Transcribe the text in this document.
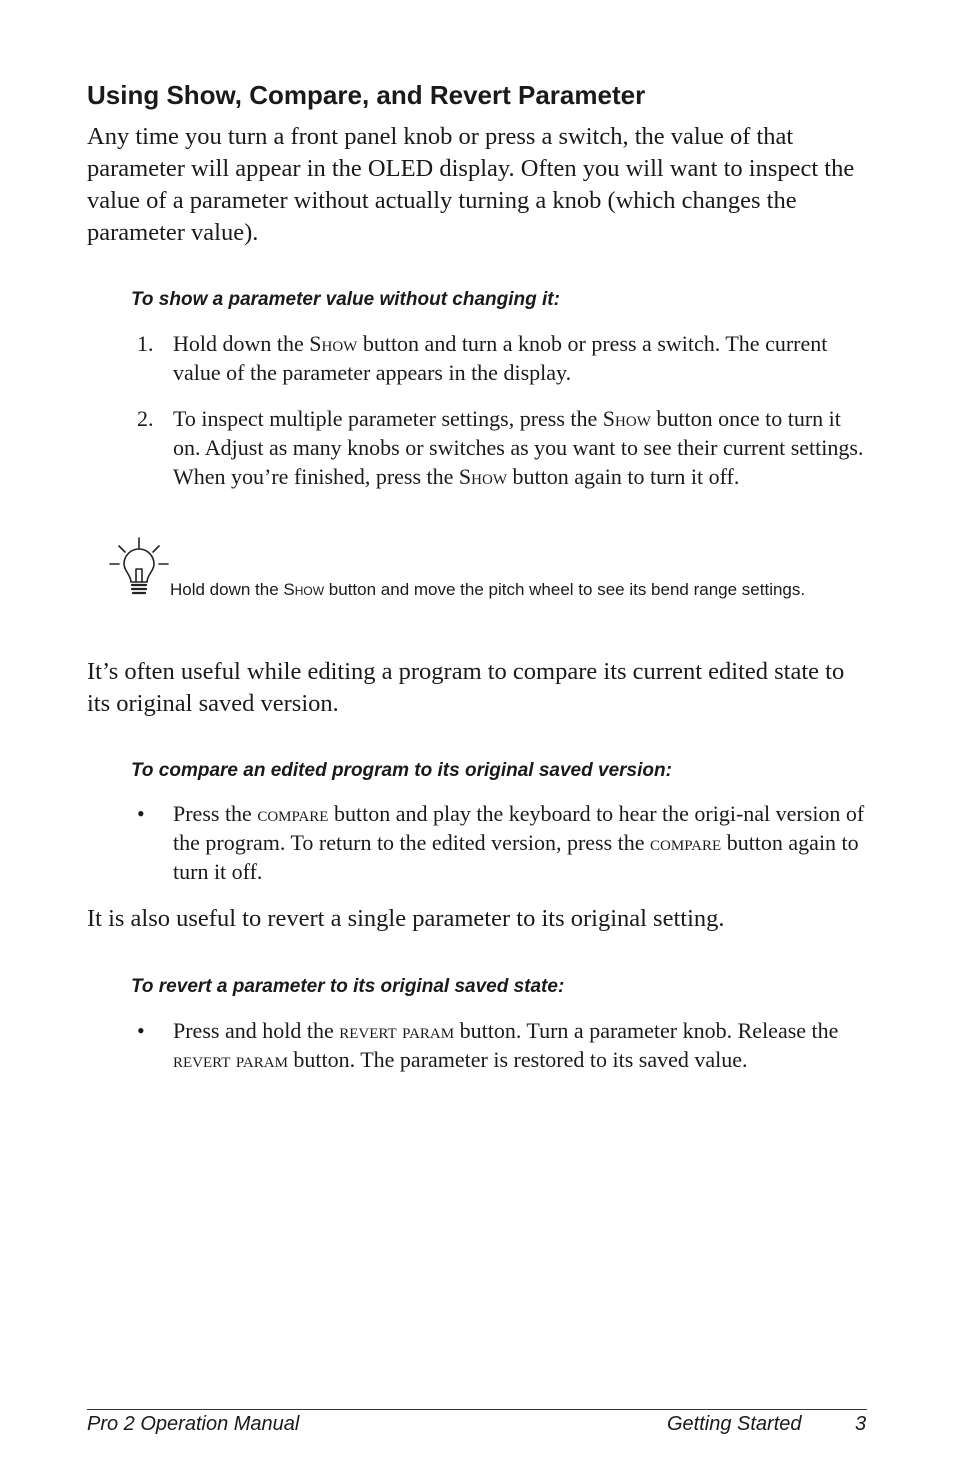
Using Show, Compare, and Revert Parameter

Any time you turn a front panel knob or press a switch, the value of that parameter will appear in the OLED display. Often you will want to inspect the value of a parameter without actually turning a knob (which changes the parameter value).

To show a parameter value without changing it:

1. Hold down the Show button and turn a knob or press a switch. The current value of the parameter appears in the display.
2. To inspect multiple parameter settings, press the Show button once to turn it on. Adjust as many knobs or switches as you want to see their current settings. When you’re finished, press the Show button again to turn it off.
Hold down the Show button and move the pitch wheel to see its bend range settings.

It’s often useful while editing a program to compare its current edited state to its original saved version.

To compare an edited program to its original saved version:

•	Press the compare button and play the keyboard to hear the origi-nal version of the program. To return to the edited version, press the compare button again to turn it off.

It is also useful to revert a single parameter to its original setting.

To revert a parameter to its original saved state:

•	Press and hold the revert param button. Turn a parameter knob. Release the revert param button. The parameter is restored to its saved value.
Pro 2 Operation Manual	Getting Started	3
